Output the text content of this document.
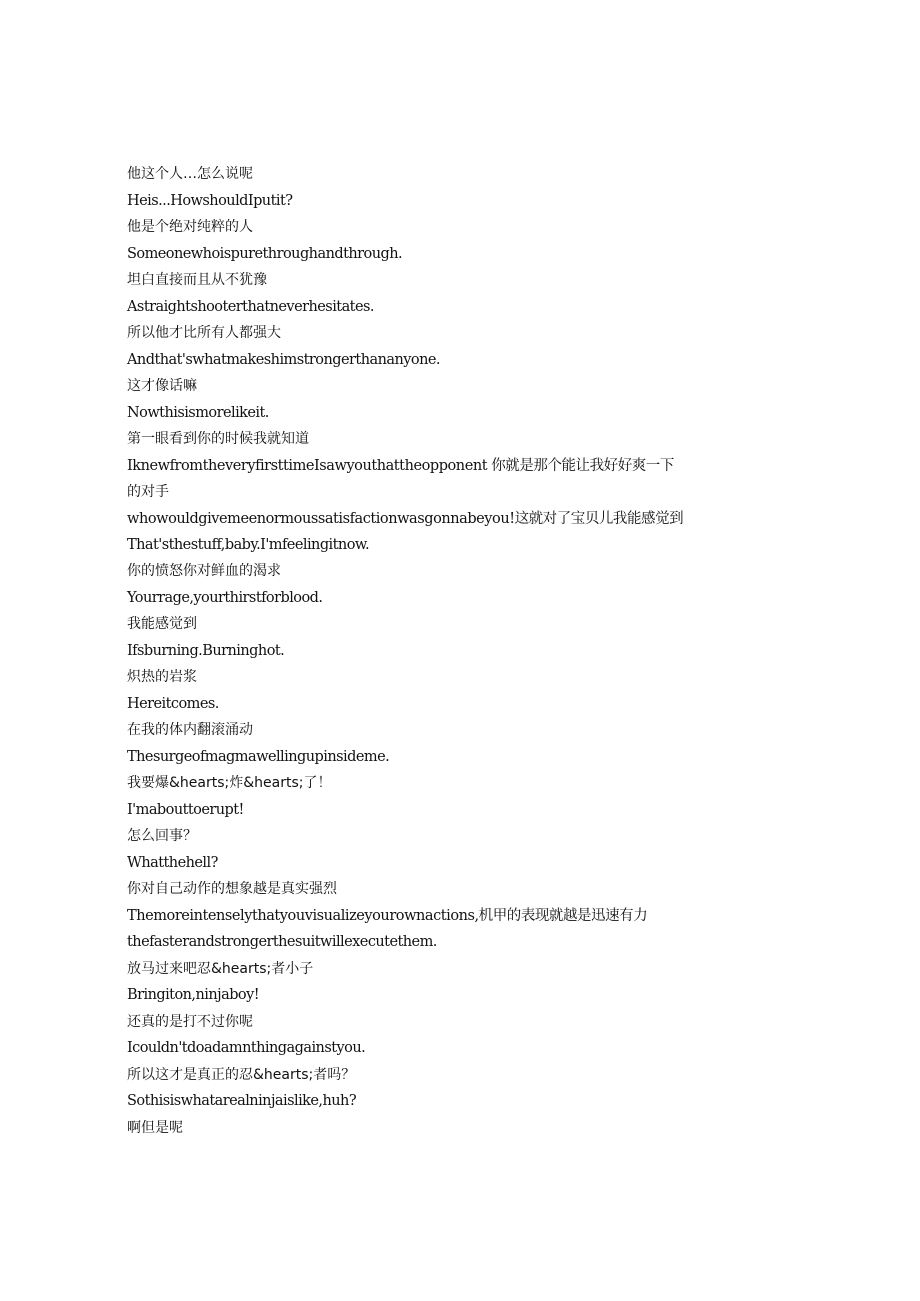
他这个人…怎么说呢

Heis...HowshouldIputit?

他是个绝对纯粹的人

Someonewhoispurethroughandthrough.

坦白直接而且从不犹豫

Astraightshooterthatneverhesitates.

所以他才比所有人都强大

Andthat'swhatmakeshimstrongerthananyone.

这才像话嘛

Nowthisismorelikeit.

第一眼看到你的时候我就知道

IknewfromtheveryfirsttimeIsawyouthattheopponent 你就是那个能让我好好爽一下

的对手

whowouldgivemeenormoussatisfactionwasgonnabeyou!这就对了宝贝儿我能感觉到

That'sthestuff,baby.I'mfeelingitnow.

你的愤怒你对鲜血的渴求

Yourrage,yourthirstforblood.

我能感觉到

Ifsburning.Burninghot.

炽热的岩浆

Hereitcomes.

在我的体内翻滚涌动

Thesurgeofmagmawellingupinsideme.

我要爆&hearts;炸&hearts;了！

I'mabouttoerupt!

怎么回事？

Whatthehell?

你对自己动作的想象越是真实强烈

Themoreintenselythatyouvisualizeyourownactions,机甲的表现就越是迅速有力

thefasterandstrongerthesuitwillexecutethem.

放马过来吧忍&hearts;者小子

Bringiton,ninjaboy!

还真的是打不过你呢

Icouldn'tdoadamnthingagainstyou.

所以这才是真正的忍&hearts;者吗？

Sothisiswhatarealninjaislike,huh?

啊但是呢
